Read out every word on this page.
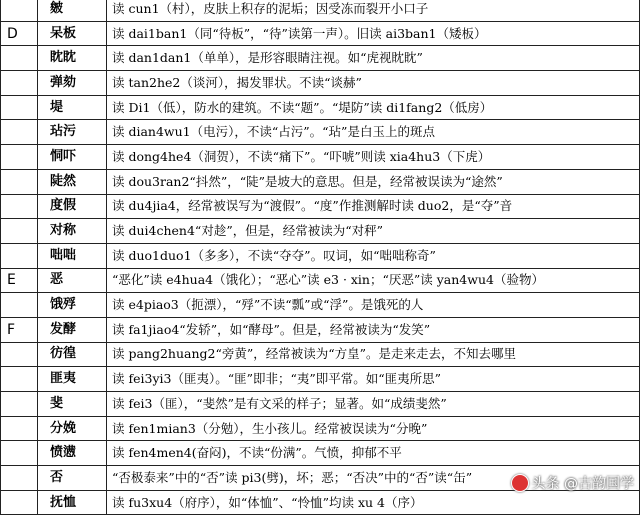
	皴	读 cun1（村），皮肤上积存的泥垢；因受冻而裂开小口子
D	呆板	读 dai1ban1（同“待板”，“待”读第一声）。旧读 ai3ban1（矮板）
	眈眈	读 dan1dan1（单单），是形容眼睛注视。如“虎视眈眈”
	弹劾	读 tan2he2（谈河），揭发罪状。不读“谈赫”
	堤	读 Di1（低），防水的建筑。不读“题”。“堤防”读 di1fang2（低房）
	玷污	读 dian4wu1（电污），不读“占污”。“玷”是白玉上的斑点
	恫吓	读 dong4he4（洞贺），不读“痛下”。“吓唬”则读 xia4hu3（下虎）
	陡然	读 dou3ran2“抖然”，“陡”是坡大的意思。但是，经常被误读为“途然”
	度假	读 du4jia4，经常被误写为“渡假”。“度”作推测解时读 duo2，是“夺”音
	对称	读 dui4chen4“对趁”，但是，经常被读为“对秤”
	咄咄	读 duo1duo1（多多），不读“夺夺”。叹词，如“咄咄称奇”
E	恶	“恶化”读 e4hua4（饿化）；“恶心”读 e3 · xin；“厌恶”读 yan4wu4（验物）
	饿殍	读 e4piao3（扼漂），“殍”不读“瓢”或“浮”。是饿死的人
F	发酵	读 fa1jiao4“发轿”，如“酵母”。但是，经常被读为“发笑”
	彷徨	读 pang2huang2“旁黄”，经常被读为“方皇”。是走来走去，不知去哪里
	匪夷	读 fei3yi3（匪夷）。“匪”即非；“夷”即平常。如“匪夷所思”
	斐	读 fei3（匪），“斐然”是有文采的样子；显著。如“成绩斐然”
	分娩	读 fen1mian3（分勉），生小孩儿。经常被误读为“分晚”
	愤懑	读 fen4men4(奋闷)，不读“份满”。气愤，抑郁不平
	否	“否极泰来”中的“否”读 pi3(劈)，坏；恶；“否决”中的“否”读“缶”
	抚恤	读 fu3xu4（府序），如“体恤”、“怜恤”均读 xu 4（序）
头条 @古韵国学
